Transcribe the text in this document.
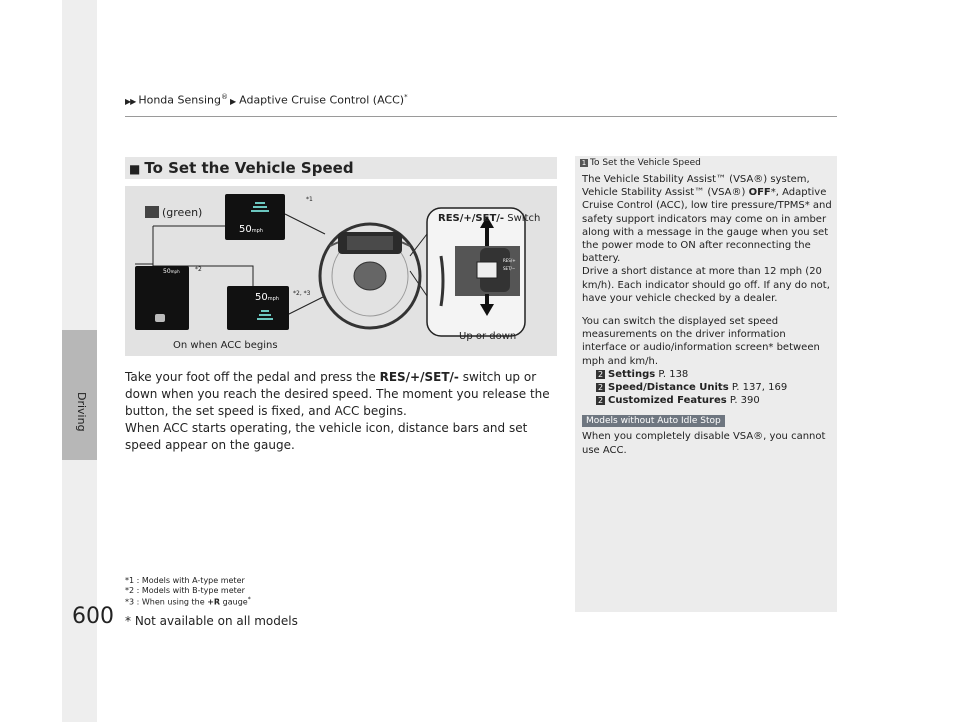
Driving
600
▶▶ Honda Sensing® ▶ Adaptive Cruise Control (ACC)*
■ To Set the Vehicle Speed
50mph
*1
50mph
*2, *3
50mph	*2
(green)	RES/+/SET/- Switch
Up or down
On when ACC begins
RES/+
SET/−

Take your foot off the pedal and press the RES/+/SET/- switch up or down when you reach the desired speed. The moment you release the button, the set speed is fixed, and ACC begins.

When ACC starts operating, the vehicle icon, distance bars and set speed appear on the gauge.

*1 : Models with A-type meter
*2 : Models with B-type meter
*3 : When using the +R gauge*
* Not available on all models
1 To Set the Vehicle Speed

The Vehicle Stability Assist™ (VSA®) system, Vehicle Stability Assist™ (VSA®) OFF*, Adaptive Cruise Control (ACC), low tire pressure/TPMS* and safety support indicators may come on in amber along with a message in the gauge when you set the power mode to ON after reconnecting the battery.

Drive a short distance at more than 12 mph (20 km/h). Each indicator should go off. If any do not, have your vehicle checked by a dealer.

You can switch the displayed set speed measurements on the driver information interface or audio/information screen* between mph and km/h.

2 Settings P. 138

2 Speed/Distance Units P. 137, 169

2 Customized Features P. 390

Models without Auto Idle Stop

When you completely disable VSA®, you cannot use ACC.
